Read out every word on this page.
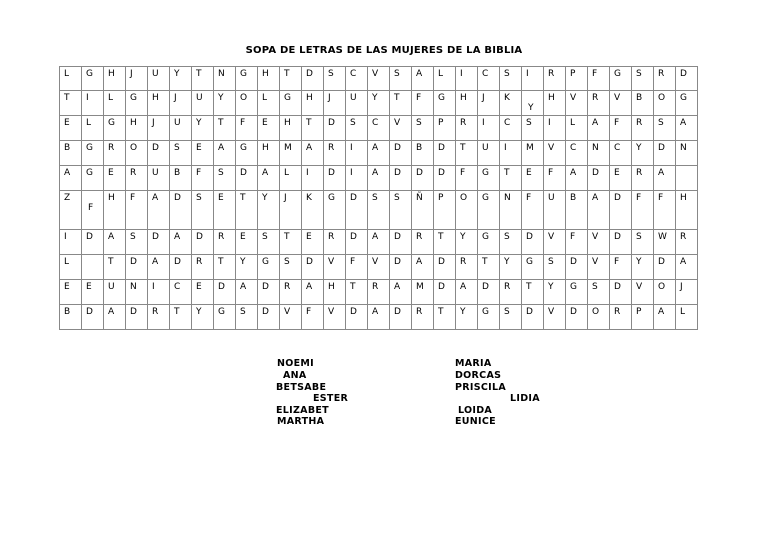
SOPA DE LETRAS DE LAS MUJERES DE LA BIBLIA
L	G	H	J	U	Y	T	N	G	H	T	D	S	C	V	S	A	L	I	C	S	I	R	P	F	G	S	R	D

T	I	L	G	H	J	U	Y	O	L	G	H	J	U	Y	T	F	G	H	J	K	Y	H	V	R	V	B	O	G

E	L	G	H	J	U	Y	T	F	E	H	T	D	S	C	V	S	P	R	I	C	S	I	L	A	F	R	S	A

B	G	R	O	D	S	E	A	G	H	M	A	R	I	A	D	B	D	T	U	I	M	V	C	N	C	Y	D	N

A	G	E	R	U	B	F	S	D	A	L	I	D	I	A	D	D	D	F	G	T	E	F	A	D	E	R	A	

Z	F	H	F	A	D	S	E	T	Y	J	K	G	D	S	S	Ñ	P	O	G	N	F	U	B	A	D	F	F	H

I	D	A	S	D	A	D	R	E	S	T	E	R	D	A	D	R	T	Y	G	S	D	V	F	V	D	S	W	R

L		T	D	A	D	R	T	Y	G	S	D	V	F	V	D	A	D	R	T	Y	G	S	D	V	F	Y	D	A

E	E	U	N	I	C	E	D	A	D	R	A	H	T	R	A	M	D	A	D	R	T	Y	G	S	D	V	O	J

B	D	A	D	R	T	Y	G	S	D	V	F	V	D	A	D	R	T	Y	G	S	D	V	D	O	R	P	A	L
NOEMI
ANA
BETSABE
ESTER
ELIZABET
MARTHA
MARIA
DORCAS
PRISCILA
LIDIA
LOIDA
EUNICE
